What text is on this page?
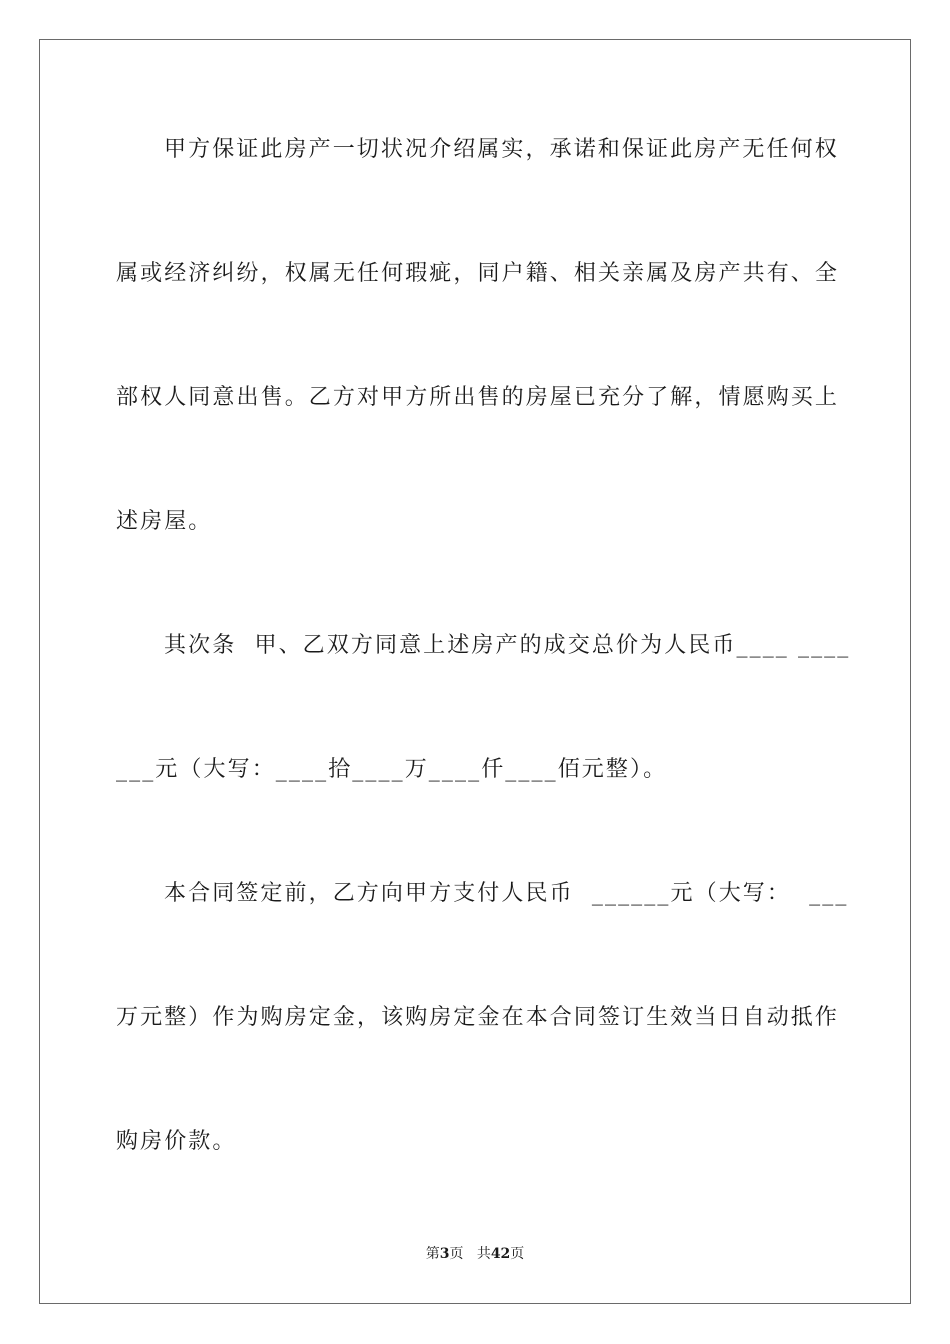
甲方保证此房产一切状况介绍属实，承诺和保证此房产无任何权
属或经济纠纷，权属无任何瑕疵，同户籍、相关亲属及房产共有、全
部权人同意出售。乙方对甲方所出售的房屋已充分了解，情愿购买上
述房屋。
其次条  甲、乙双方同意上述房产的成交总价为人民币____ ____
___元（大写：____拾____万____仟____佰元整）。
本合同签定前，乙方向甲方支付人民币  ______元（大写：  ___
万元整）作为购房定金，该购房定金在本合同签订生效当日自动抵作
购房价款。
第3页 共42页
